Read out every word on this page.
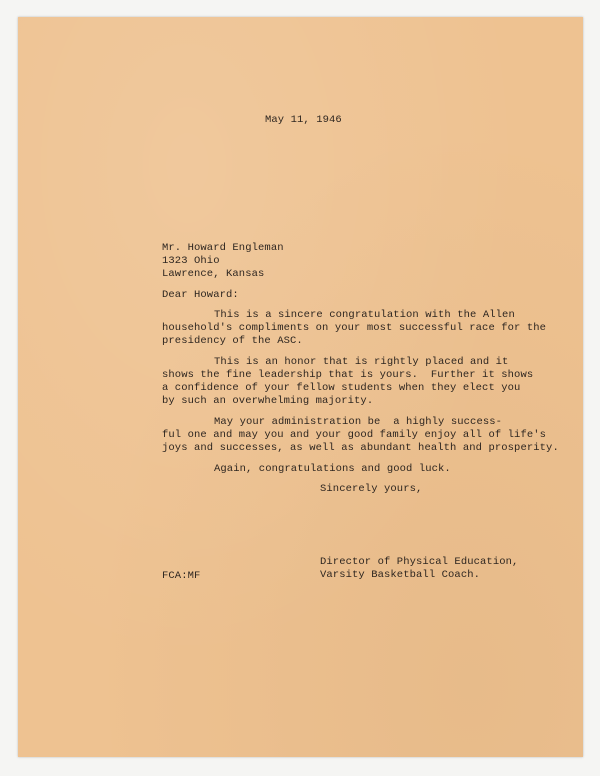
May 11, 1946
Mr. Howard Engleman
1323 Ohio
Lawrence, Kansas
Dear Howard:
This is a sincere congratulation with the Allen
household's compliments on your most successful race for the
presidency of the ASC.
This is an honor that is rightly placed and it
shows the fine leadership that is yours.  Further it shows
a confidence of your fellow students when they elect you
by such an overwhelming majority.
May your administration be  a highly success-
ful one and may you and your good family enjoy all of life's
joys and successes, as well as abundant health and prosperity.
Again, congratulations and good luck.
Sincerely yours,
Director of Physical Education,
Varsity Basketball Coach.
FCA:MF
